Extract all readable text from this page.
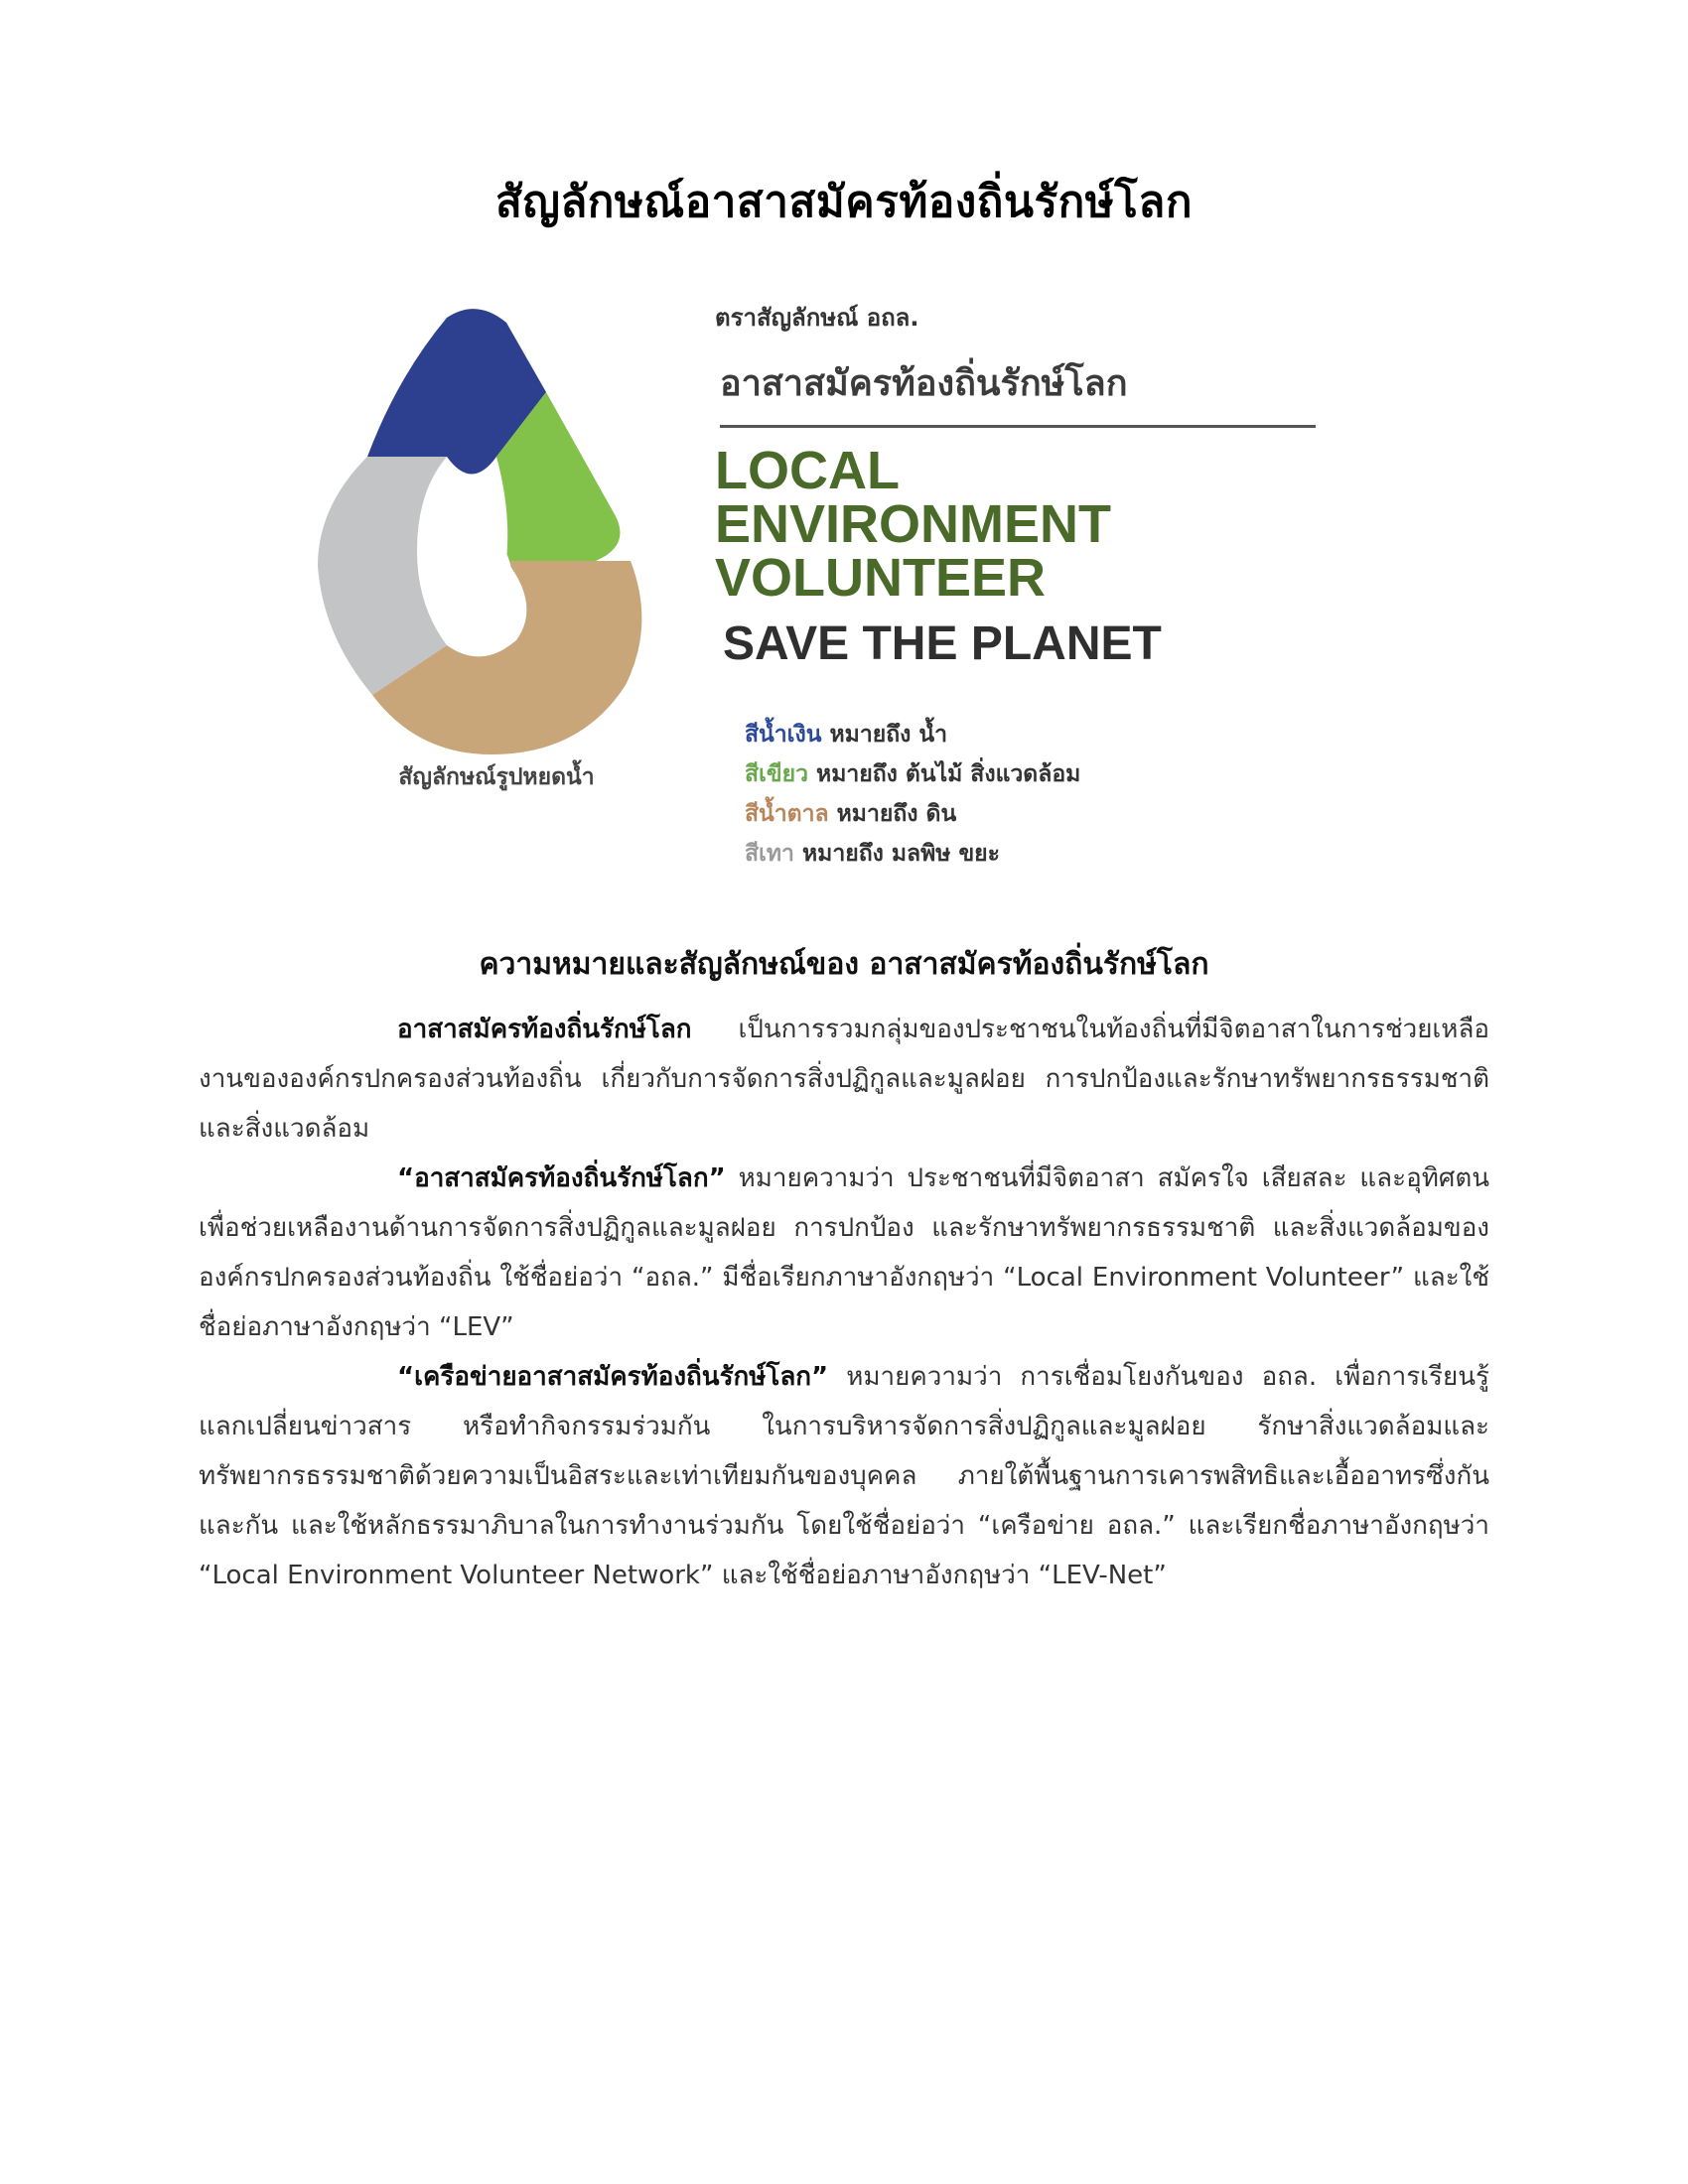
สัญลักษณ์อาสาสมัครท้องถิ่นรักษ์โลก
สัญลักษณ์รูปหยดน้ำ
ตราสัญลักษณ์ อถล.
อาสาสมัครท้องถิ่นรักษ์โลก
LOCAL
ENVIRONMENT
VOLUNTEER
SAVE THE PLANET
สีน้ำเงิน หมายถึง น้ำ
สีเขียว หมายถึง ต้นไม้ สิ่งแวดล้อม
สีน้ำตาล หมายถึง ดิน
สีเทา หมายถึง มลพิษ ขยะ
ความหมายและสัญลักษณ์ของ อาสาสมัครท้องถิ่นรักษ์โลก

อาสาสมัครท้องถิ่นรักษ์โลก เป็นการรวมกลุ่มของประชาชนในท้องถิ่นที่มีจิตอาสาในการช่วยเหลืองานขององค์กรปกครองส่วนท้องถิ่น เกี่ยวกับการจัดการสิ่งปฏิกูลและมูลฝอย การปกป้องและรักษาทรัพยากรธรรมชาติและสิ่งแวดล้อม

“อาสาสมัครท้องถิ่นรักษ์โลก” หมายความว่า ประชาชนที่มีจิตอาสา สมัครใจ เสียสละ และอุทิศตน เพื่อช่วยเหลืองานด้านการจัดการสิ่งปฏิกูลและมูลฝอย การปกป้อง และรักษาทรัพยากรธรรมชาติ และสิ่งแวดล้อมขององค์กรปกครองส่วนท้องถิ่น ใช้ชื่อย่อว่า “อถล.” มีชื่อเรียกภาษาอังกฤษว่า “Local Environment Volunteer” และใช้ชื่อย่อภาษาอังกฤษว่า “LEV”

“เครือข่ายอาสาสมัครท้องถิ่นรักษ์โลก” หมายความว่า การเชื่อมโยงกันของ อถล. เพื่อการเรียนรู้แลกเปลี่ยนข่าวสาร หรือทำกิจกรรมร่วมกัน ในการบริหารจัดการสิ่งปฏิกูลและมูลฝอย รักษาสิ่งแวดล้อมและทรัพยากรธรรมชาติด้วยความเป็นอิสระและเท่าเทียมกันของบุคคล ภายใต้พื้นฐานการเคารพสิทธิและเอื้ออาทรซึ่งกันและกัน และใช้หลักธรรมาภิบาลในการทำงานร่วมกัน โดยใช้ชื่อย่อว่า “เครือข่าย อถล.” และเรียกชื่อภาษาอังกฤษว่า “Local Environment Volunteer Network” และใช้ชื่อย่อภาษาอังกฤษว่า “LEV-Net”
